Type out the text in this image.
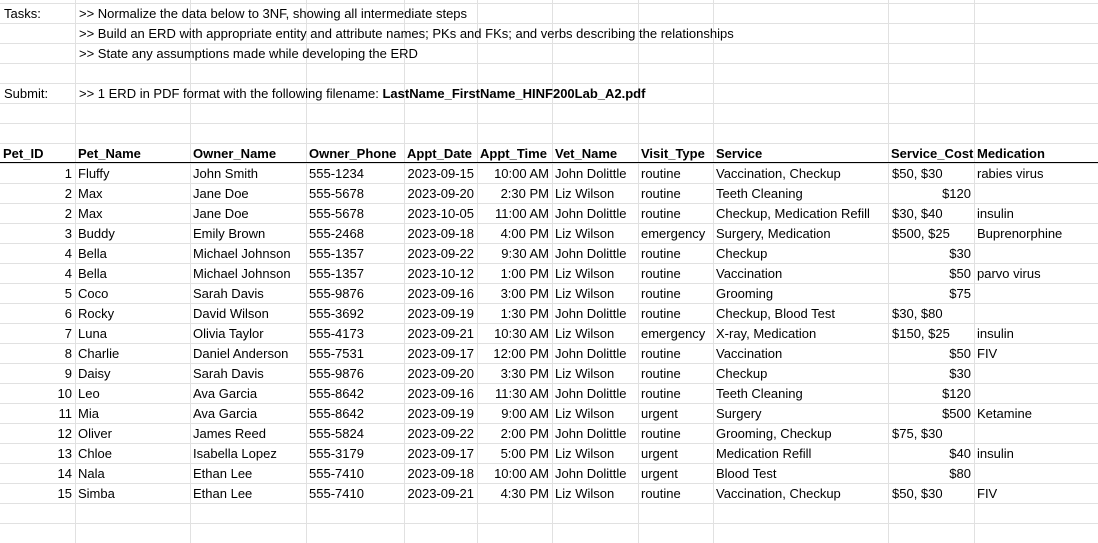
Tasks:	>> Normalize the data below to 3NF, showing all intermediate steps
>> Build an ERD with appropriate entity and attribute names; PKs and FKs; and verbs describing the relationships
>> State any assumptions made while developing the ERD
Submit: >> 1 ERD in PDF format with the following filename: LastName_FirstName_HINF200Lab_A2.pdf
Pet_ID	Pet_Name	Owner_Name	Owner_Phone Appt_Date Appt_Time Vet_Name Visit_Type Service	Service_Cost Medication
1 Fluffy	John Smith	555-1234	2023-09-15	10:00 AM John Dolittle routine	Vaccination, Checkup	$50, $30	rabies virus
2 Max	Jane Doe	555-5678	2023-09-20	2:30 PM Liz Wilson routine	Teeth Cleaning	$120
2 Max	Jane Doe	555-5678	2023-10-05	11:00 AM John Dolittle routine	Checkup, Medication Refill $30, $40	insulin
3 Buddy	Emily Brown	555-2468	2023-09-18	4:00 PM Liz Wilson emergency Surgery, Medication	$500, $25 Buprenorphine
4 Bella	Michael Johnson 555-1357	2023-09-22	9:30 AM John Dolittle routine	Checkup	$30
4 Bella	Michael Johnson 555-1357	2023-10-12	1:00 PM Liz Wilson routine	Vaccination	$50 parvo virus
5 Coco	Sarah Davis	555-9876	2023-09-16	3:00 PM Liz Wilson routine	Grooming	$75
6 Rocky	David Wilson	555-3692	2023-09-19	1:30 PM John Dolittle routine	Checkup, Blood Test	$30, $80
7 Luna	Olivia Taylor	555-4173	2023-09-21	10:30 AM Liz Wilson emergency X-ray, Medication	$150, $25 insulin
8 Charlie	Daniel Anderson 555-7531	2023-09-17	12:00 PM John Dolittle routine	Vaccination	$50 FIV
9 Daisy	Sarah Davis	555-9876	2023-09-20	3:30 PM Liz Wilson routine	Checkup	$30
10 Leo	Ava Garcia	555-8642	2023-09-16	11:30 AM John Dolittle routine	Teeth Cleaning	$120
11 Mia	Ava Garcia	555-8642	2023-09-19	9:00 AM Liz Wilson urgent	Surgery	$500 Ketamine
12 Oliver	James Reed	555-5824	2023-09-22	2:00 PM John Dolittle routine	Grooming, Checkup	$75, $30
13 Chloe	Isabella Lopez 555-3179	2023-09-17	5:00 PM Liz Wilson urgent	Medication Refill	$40 insulin
14 Nala	Ethan Lee	555-7410	2023-09-18	10:00 AM John Dolittle urgent	Blood Test	$80
15 Simba	Ethan Lee	555-7410	2023-09-21	4:30 PM Liz Wilson routine	Vaccination, Checkup	$50, $30	FIV
